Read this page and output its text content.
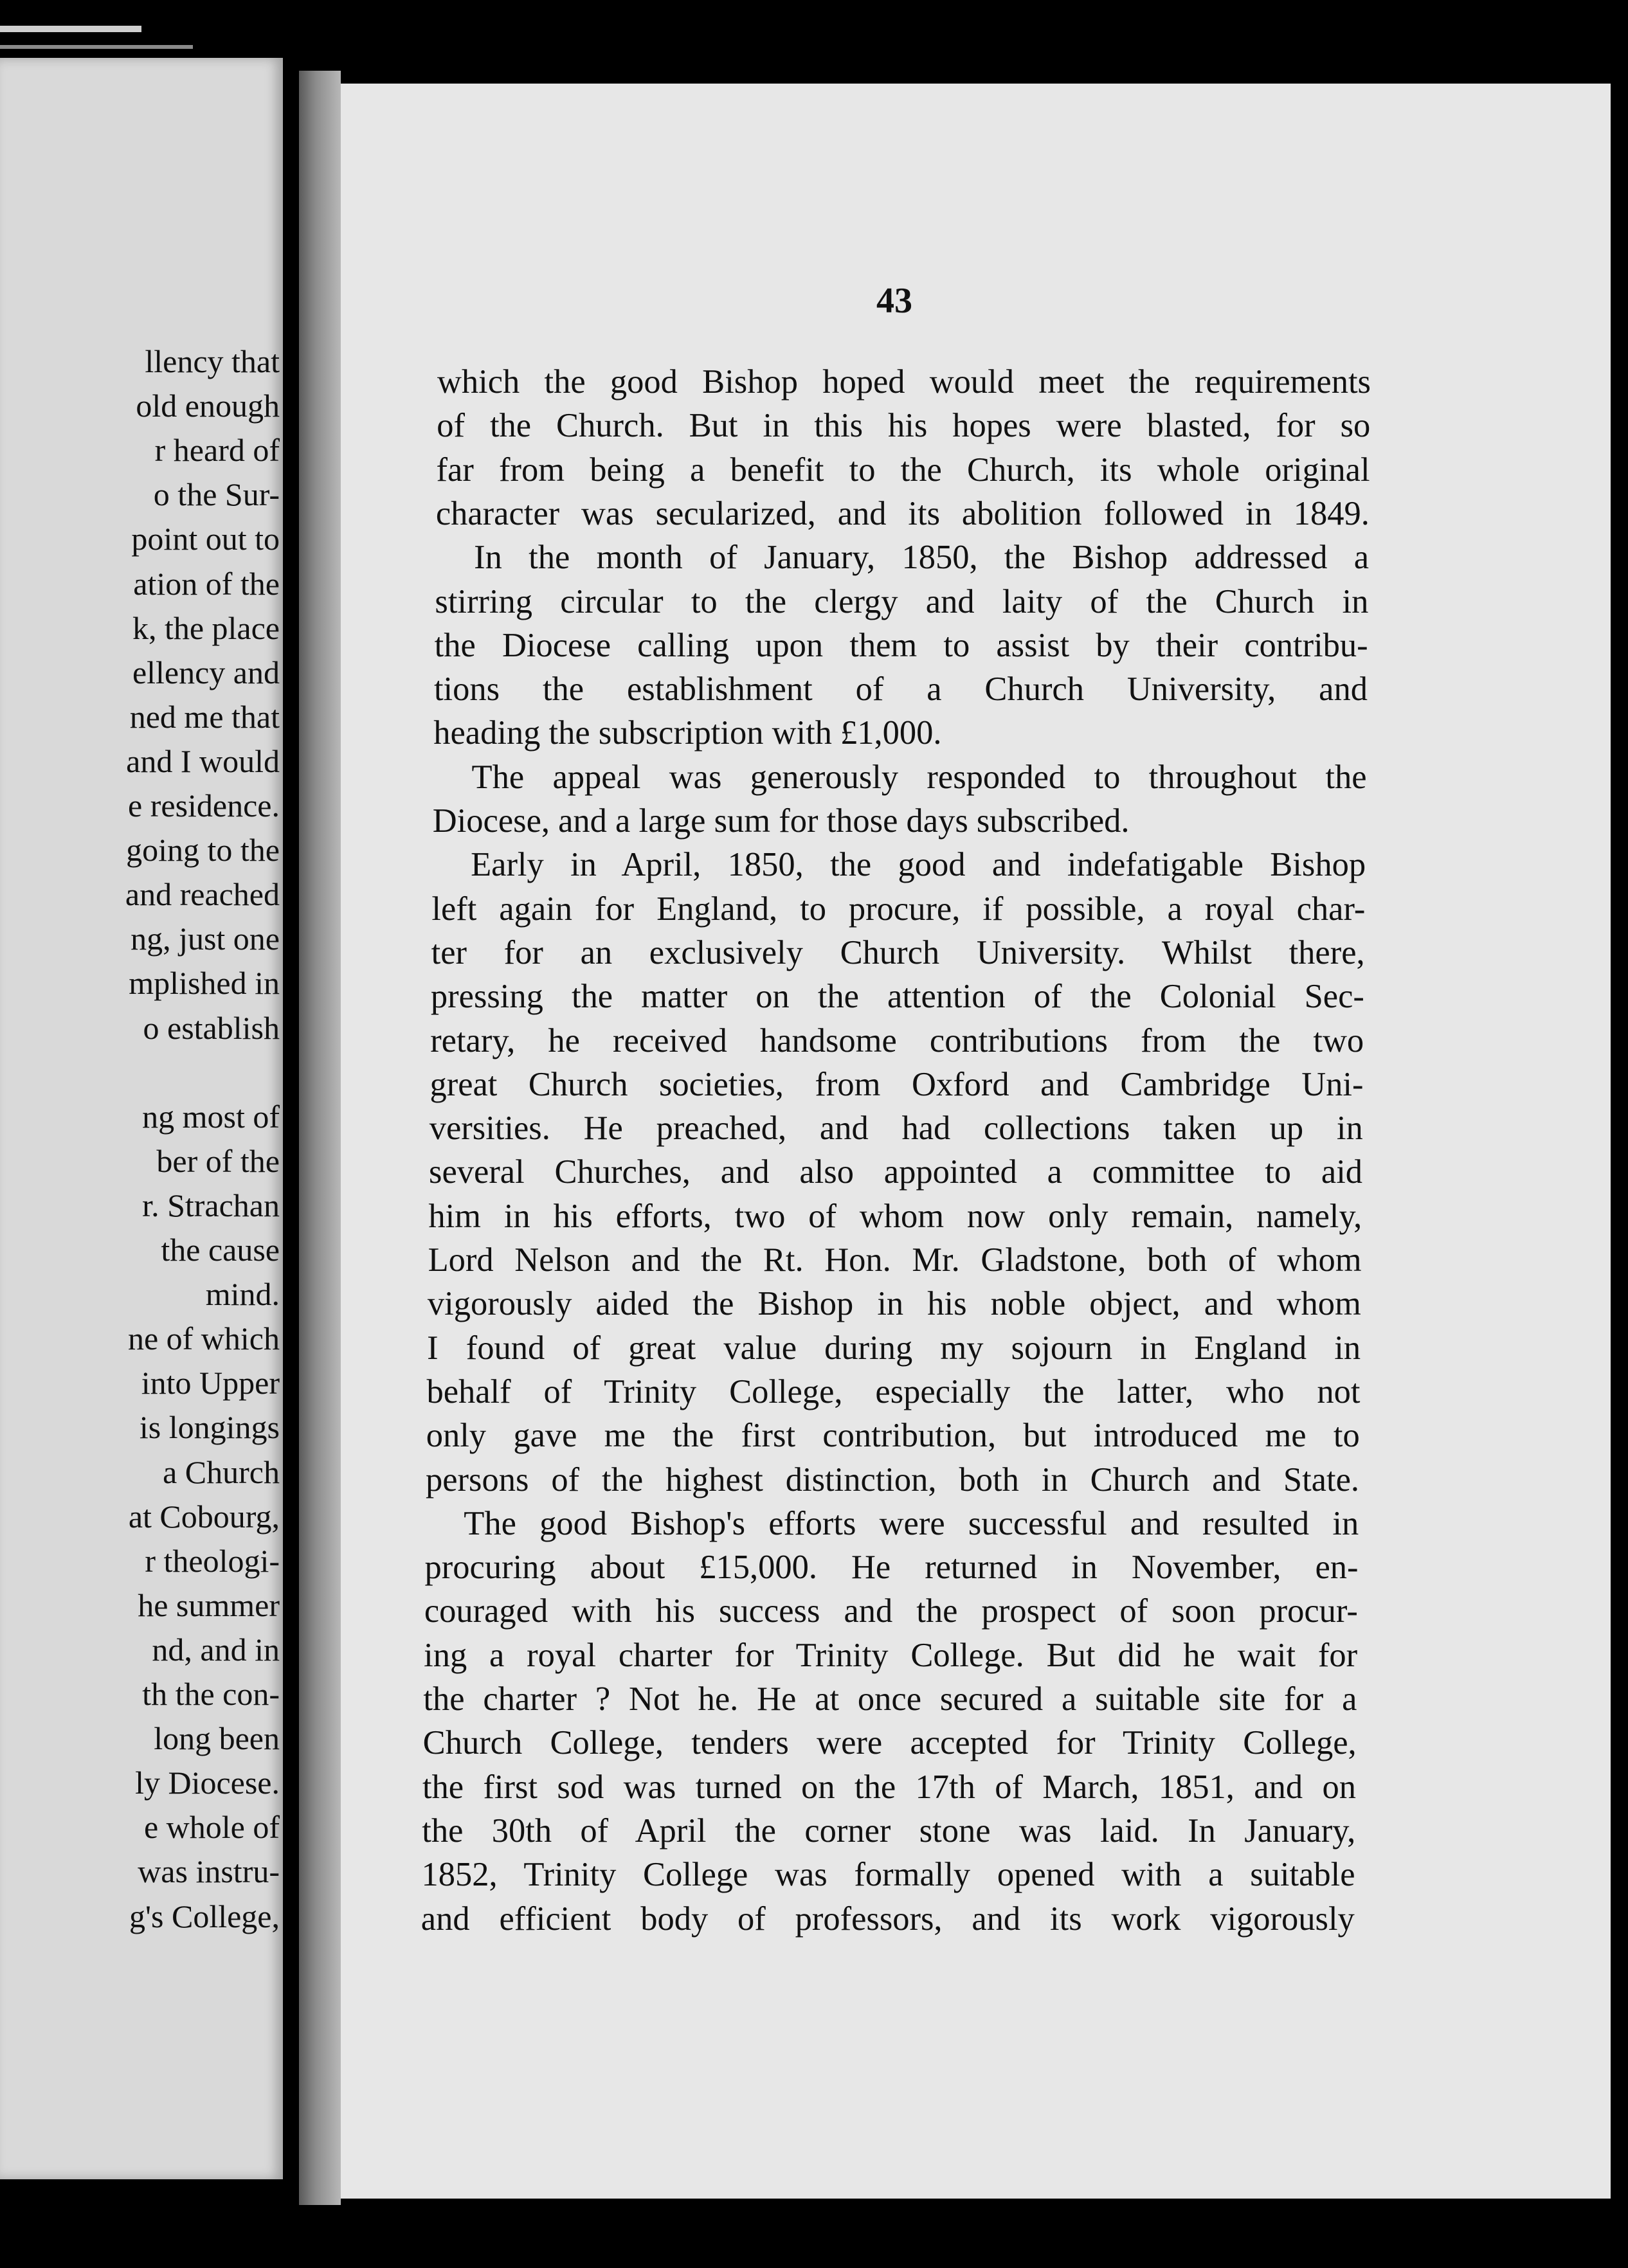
llency that
old enough
r heard of
o the Sur-
point out to
ation of the
k, the place
ellency and
ned me that
and I would
e residence.
going to the
and reached
ng, just one
mplished in
o establish
ng most of
ber of the
r. Strachan
the cause
mind.
ne of which
into Upper
is longings
a Church
at Cobourg,
r theologi-
he summer
nd, and in
th the con-
long been
ly Diocese.
e whole of
was instru-
g's College,
43
which the good Bishop hoped would meet the requirements
of the Church. But in this his hopes were blasted, for so
far from being a benefit to the Church, its whole original
character was secularized, and its abolition followed in 1849.
In the month of January, 1850, the Bishop addressed a
stirring circular to the clergy and laity of the Church in
the Diocese calling upon them to assist by their contribu-
tions the establishment of a Church University, and
heading the subscription with £1,000.
The appeal was generously responded to throughout the
Diocese, and a large sum for those days subscribed.
Early in April, 1850, the good and indefatigable Bishop
left again for England, to procure, if possible, a royal char-
ter for an exclusively Church University. Whilst there,
pressing the matter on the attention of the Colonial Sec-
retary, he received handsome contributions from the two
great Church societies, from Oxford and Cambridge Uni-
versities. He preached, and had collections taken up in
several Churches, and also appointed a committee to aid
him in his efforts, two of whom now only remain, namely,
Lord Nelson and the Rt. Hon. Mr. Gladstone, both of whom
vigorously aided the Bishop in his noble object, and whom
I found of great value during my sojourn in England in
behalf of Trinity College, especially the latter, who not
only gave me the first contribution, but introduced me to
persons of the highest distinction, both in Church and State.
The good Bishop's efforts were successful and resulted in
procuring about £15,000. He returned in November, en-
couraged with his success and the prospect of soon procur-
ing a royal charter for Trinity College. But did he wait for
the charter ? Not he. He at once secured a suitable site for a
Church College, tenders were accepted for Trinity College,
the first sod was turned on the 17th of March, 1851, and on
the 30th of April the corner stone was laid. In January,
1852, Trinity College was formally opened with a suitable
and efficient body of professors, and its work vigorously
